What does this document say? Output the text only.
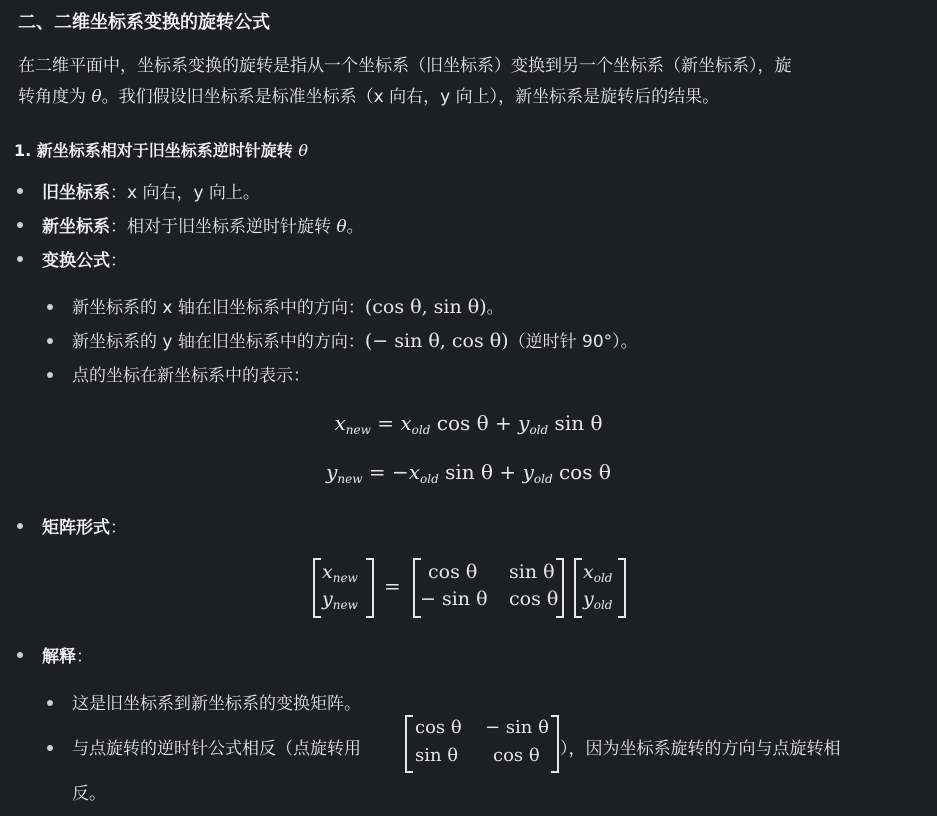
二、二维坐标系变换的旋转公式
在二维平面中，坐标系变换的旋转是指从一个坐标系（旧坐标系）变换到另一个坐标系（新坐标系），旋
转角度为 θ。我们假设旧坐标系是标准坐标系（x 向右，y 向上），新坐标系是旋转后的结果。
1. 新坐标系相对于旧坐标系逆时针旋转 θ
旧坐标系：x 向右，y 向上。
新坐标系：相对于旧坐标系逆时针旋转 θ。
变换公式：
新坐标系的 x 轴在旧坐标系中的方向：(cos θ, sin θ)。
新坐标系的 y 轴在旧坐标系中的方向：(− sin θ, cos θ)（逆时针 90°）。
点的坐标在新坐标系中的表示：
$x_{new} = x_{old}$ $\cos \theta + y_{old}$ sin θ
$y_{new} = -x_{old}$ $\sin \theta + y_{old}$ cos θ
矩阵形式：
$x_{new}$
$y_{new}$
=
cos θ sin θ
− sin θ cos θ
$x_{old}$
$y_{old}$
解释：
这是旧坐标系到新坐标系的变换矩阵。
与点旋转的逆时针公式相反（点旋转用
cos θ − sin θ
sin θ cos θ ），因为坐标系旋转的方向与点旋转相
反。
